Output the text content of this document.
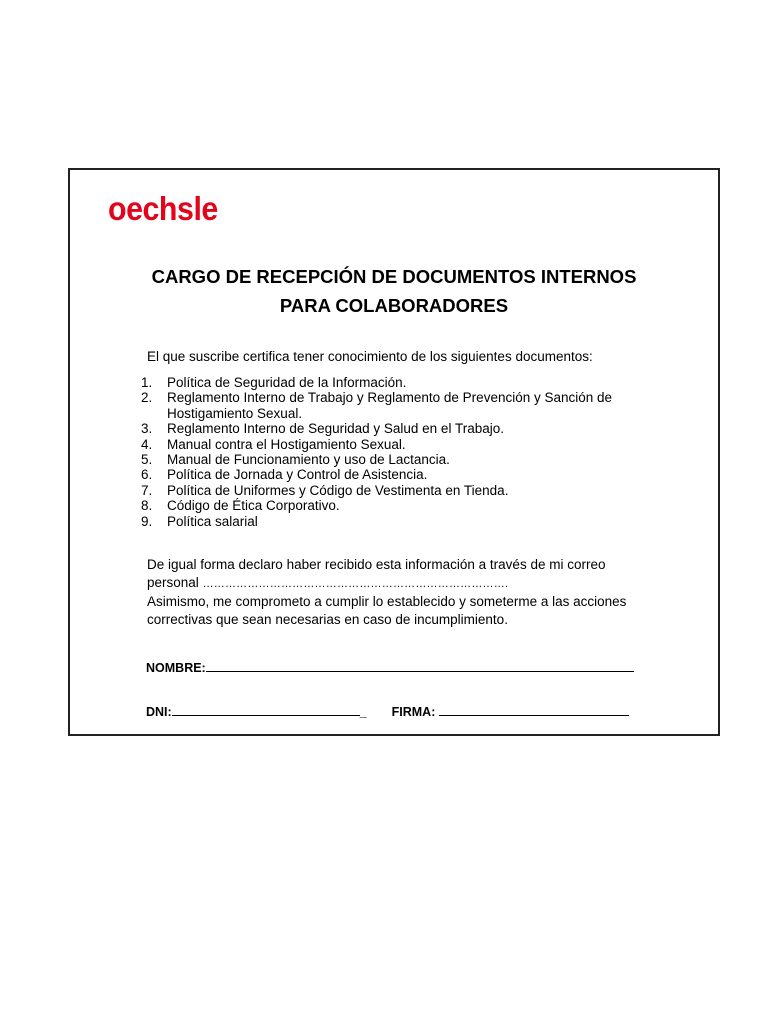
oechsle
CARGO DE RECEPCIÓN DE DOCUMENTOS INTERNOS
PARA COLABORADORES
El que suscribe certifica tener conocimiento de los siguientes documentos:
1.	Política de Seguridad de la Información.
2.	Reglamento Interno de Trabajo y Reglamento de Prevención y Sanción de Hostigamiento Sexual.
3.	Reglamento Interno de Seguridad y Salud en el Trabajo.
4.	Manual contra el Hostigamiento Sexual.
5.	Manual de Funcionamiento y uso de Lactancia.
6.	Política de Jornada y Control de Asistencia.
7.	Política de Uniformes y Código de Vestimenta en Tienda.
8.	Código de Ética Corporativo.
9.	Política salarial
De igual forma declaro haber recibido esta información a través de mi correo
personal ……………………………………………………………………….
Asimismo, me comprometo a cumplir lo establecido y someterme a las acciones correctivas que sean necesarias en caso de incumplimiento.
NOMBRE:
DNI:	_ FIRMA:
